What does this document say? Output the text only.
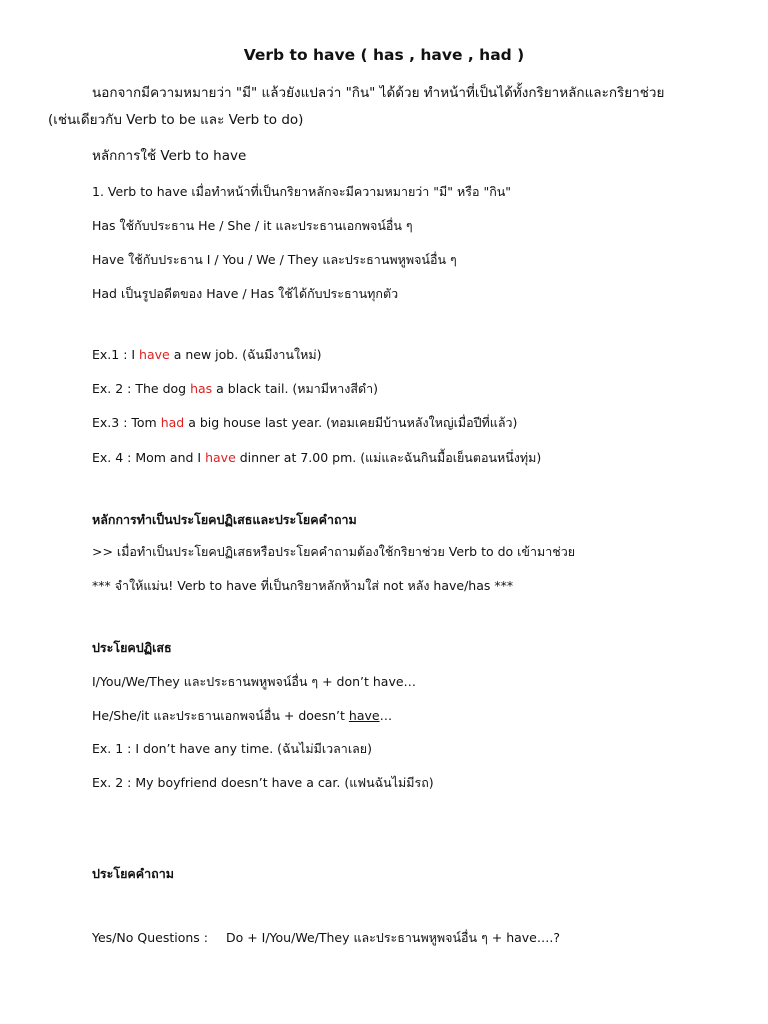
Verb to have ( has , have , had )
นอกจากมีความหมายว่า "มี" แล้วยังแปลว่า "กิน" ได้ด้วย ทำหน้าที่เป็นได้ทั้งกริยาหลักและกริยาช่วย
(เช่นเดียวกับ Verb to be และ Verb to do)
หลักการใช้ Verb to have
1. Verb to have เมื่อทำหน้าที่เป็นกริยาหลักจะมีความหมายว่า "มี" หรือ "กิน"
Has ใช้กับประธาน He / She / it และประธานเอกพจน์อื่น ๆ
Have ใช้กับประธาน I / You / We / They และประธานพหูพจน์อื่น ๆ
Had เป็นรูปอดีตของ Have / Has ใช้ได้กับประธานทุกตัว
Ex.1 : I have a new job. (ฉันมีงานใหม่)
Ex. 2 : The dog has a black tail. (หมามีหางสีดำ)
Ex.3 : Tom had a big house last year. (ทอมเคยมีบ้านหลังใหญ่เมื่อปีที่แล้ว)
Ex. 4 : Mom and I have dinner at 7.00 pm. (แม่และฉันกินมื้อเย็นตอนหนึ่งทุ่ม)
หลักการทำเป็นประโยคปฏิเสธและประโยคคำถาม
>> เมื่อทำเป็นประโยคปฏิเสธหรือประโยคคำถามต้องใช้กริยาช่วย Verb to do เข้ามาช่วย
*** จำให้แม่น! Verb to have ที่เป็นกริยาหลักห้ามใส่ not หลัง have/has ***
ประโยคปฏิเสธ
I/You/We/They และประธานพหูพจน์อื่น ๆ + don’t have…
He/She/it และประธานเอกพจน์อื่น + doesn’t have…
Ex. 1 : I don’t have any time. (ฉันไม่มีเวลาเลย)
Ex. 2 : My boyfriend doesn’t have a car. (แฟนฉันไม่มีรถ)
ประโยคคำถาม
Yes/No Questions : Do + I/You/We/They และประธานพหูพจน์อื่น ๆ + have….?
